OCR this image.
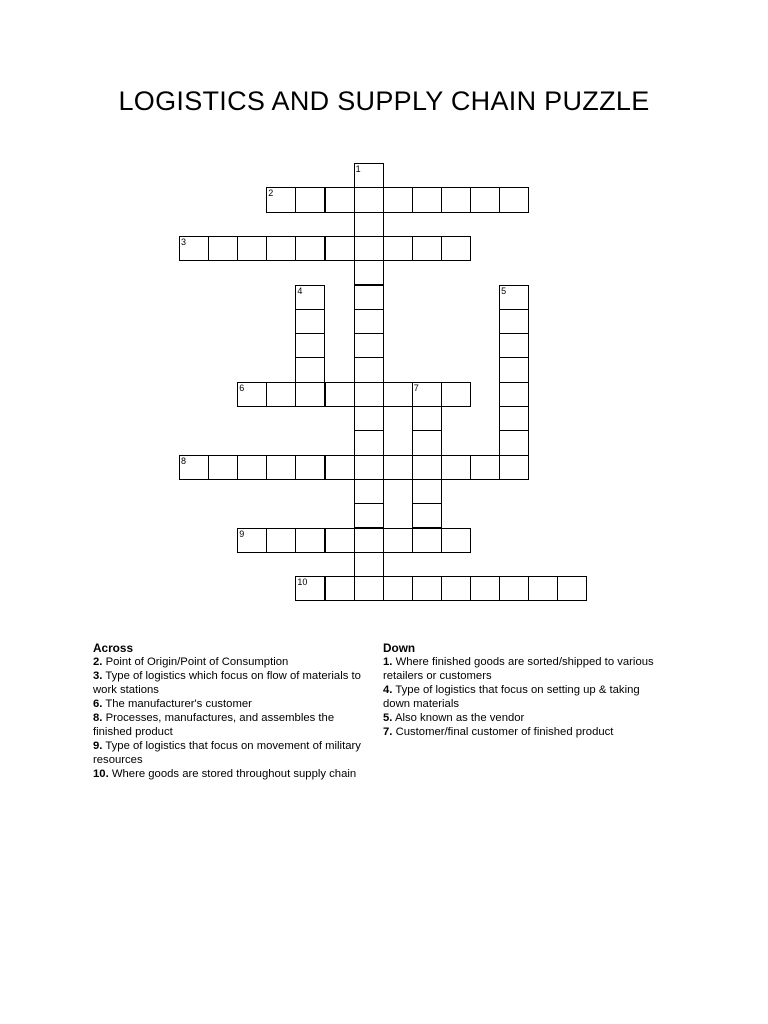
LOGISTICS AND SUPPLY CHAIN PUZZLE
1
2
3
4	5
6	7
8
9
10
Across
2. Point of Origin/Point of Consumption
3. Type of logistics which focus on flow of materials to work stations
6. The manufacturer's customer
8. Processes, manufactures, and assembles the finished product
9. Type of logistics that focus on movement of military resources
10. Where goods are stored throughout supply chain
Down
1. Where finished goods are sorted/shipped to various retailers or customers
4. Type of logistics that focus on setting up & taking down materials
5. Also known as the vendor
7. Customer/final customer of finished product
